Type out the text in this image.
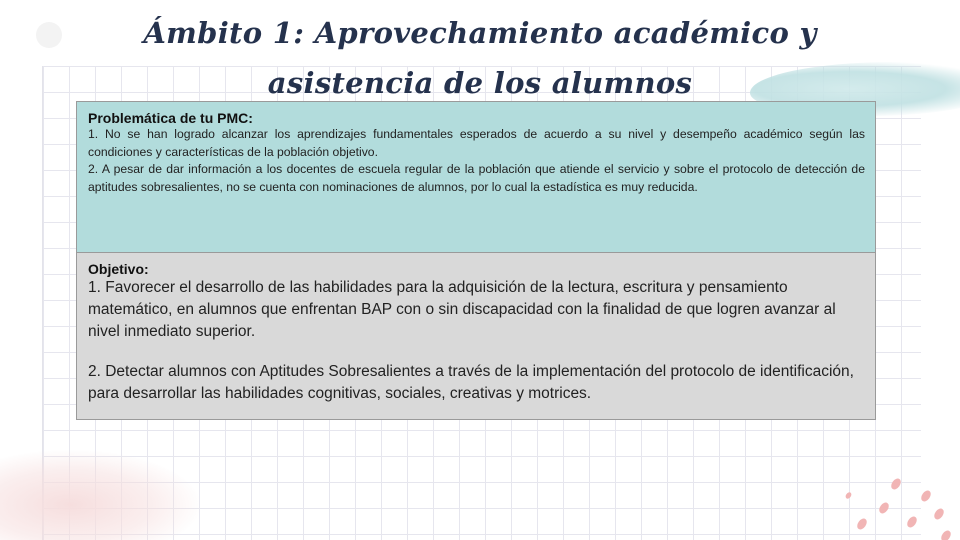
Ámbito 1: Aprovechamiento académico y asistencia de los alumnos
Problemática de tu PMC:
1. No se han logrado alcanzar los aprendizajes fundamentales esperados de acuerdo a su nivel y desempeño académico según las condiciones y características de la población objetivo.
2. A pesar de dar información a los docentes de escuela regular de la población que atiende el servicio y sobre el protocolo de detección de aptitudes sobresalientes, no se cuenta con nominaciones de alumnos, por lo cual la estadística es muy reducida.
Objetivo:
1. Favorecer el desarrollo de las habilidades para la adquisición de la lectura, escritura y pensamiento matemático, en alumnos que enfrentan BAP con o sin discapacidad con la finalidad de que logren avanzar al nivel inmediato superior.
2. Detectar alumnos con Aptitudes Sobresalientes a través de la implementación del protocolo de identificación, para desarrollar las habilidades cognitivas, sociales, creativas y motrices.
